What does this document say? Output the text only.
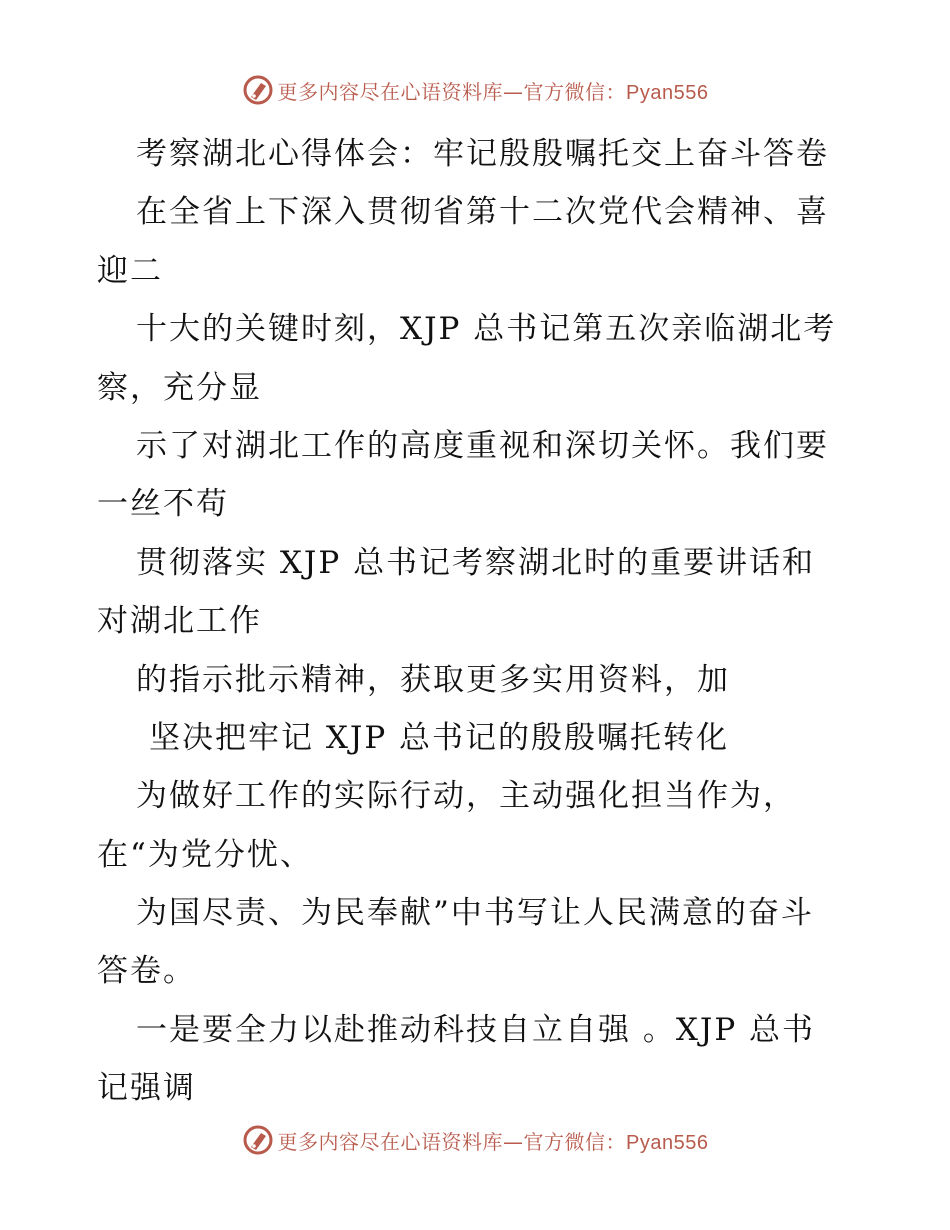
更多内容尽在心语资料库—官方微信：Pyan556
考察湖北心得体会：牢记殷殷嘱托交上奋斗答卷
在全省上下深入贯彻省第十二次党代会精神、喜
迎二
十大的关键时刻，XJP 总书记第五次亲临湖北考
察，充分显
示了对湖北工作的高度重视和深切关怀。我们要
一丝不苟
贯彻落实 XJP 总书记考察湖北时的重要讲话和
对湖北工作
的指示批示精神，获取更多实用资料，加
坚决把牢记 XJP 总书记的殷殷嘱托转化
为做好工作的实际行动，主动强化担当作为，
在“为党分忧、
为国尽责、为民奉献”中书写让人民满意的奋斗
答卷。
一是要全力以赴推动科技自立自强 。XJP 总书
记强调
更多内容尽在心语资料库—官方微信：Pyan556
